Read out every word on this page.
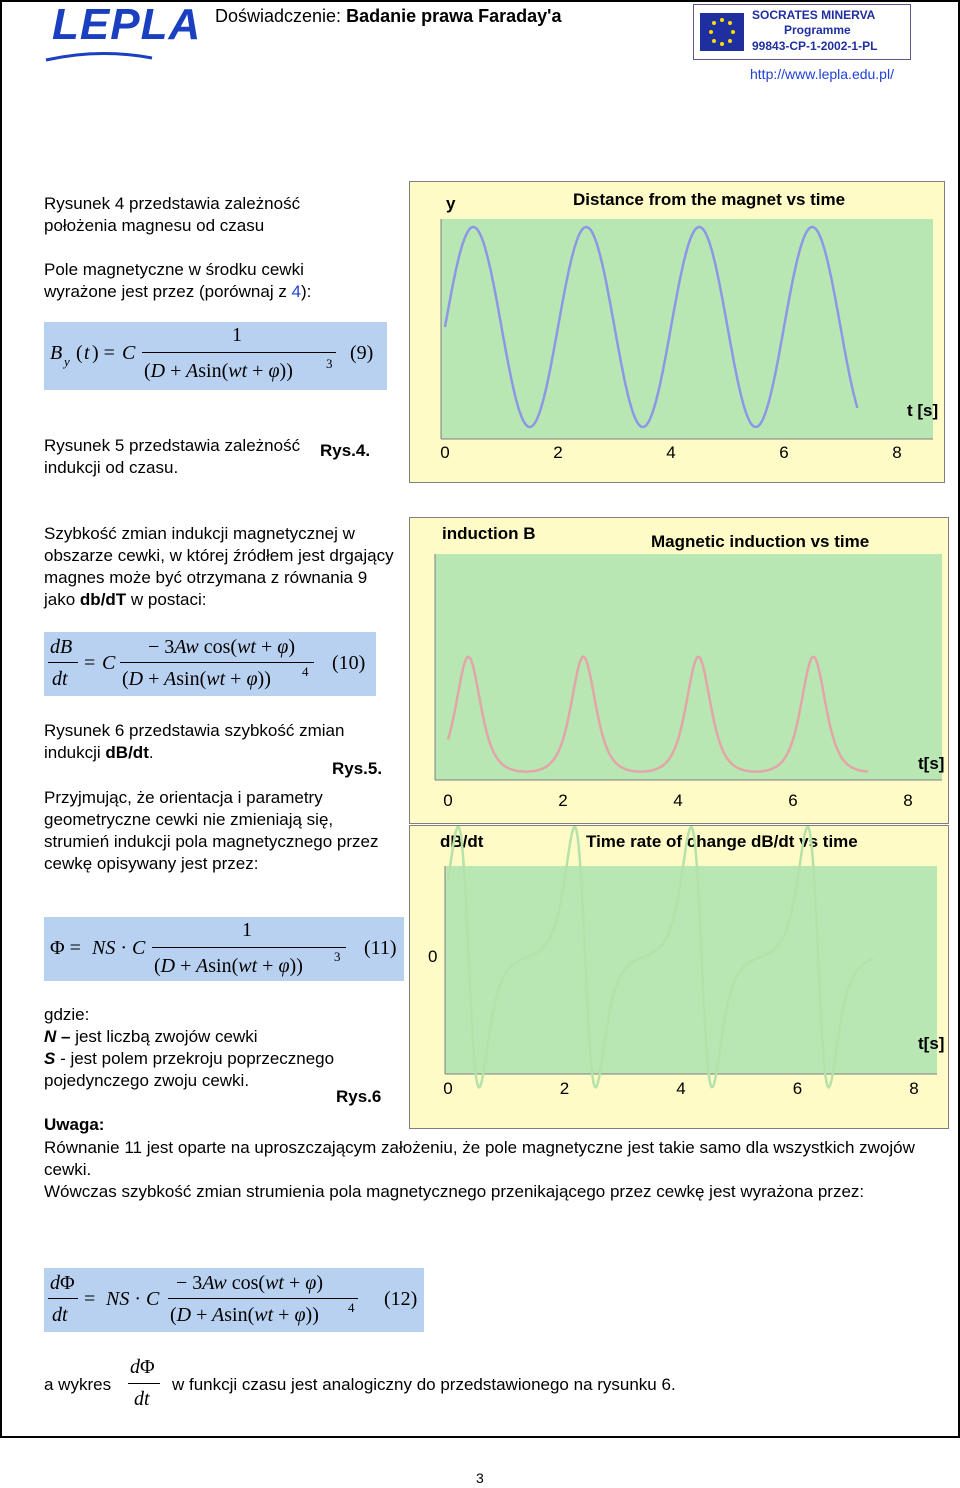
LEPLA Doświadczenie: Badanie prawa Faraday'a	SOCRATES MINERVA
Programme
99843-CP-1-2002-1-PL
http://www.lepla.edu.pl/
Rysunek 4 przedstawia zależność położenia magnesu od czasu
Pole magnetyczne w środku cewki wyrażone jest przez (porównaj z 4):
B y ( t ) = C
1
(D + Asin(wt + φ))	3 (9)
Rysunek 5 przedstawia zależność indukcji od czasu.
Rys.4.
Szybkość zmian indukcji magnetycznej w obszarze cewki, w której źródłem jest drgający magnes może być otrzymana z równania 9 jako db/dT w postaci:
dB
dt
= C
− 3Aw cos(wt + φ)
(D + Asin(wt + φ)) 4 (10)
Rysunek 6 przedstawia szybkość zmian indukcji dB/dt.
Rys.5.
Przyjmując, że orientacja i parametry geometryczne cewki nie zmieniają się, strumień indukcji pola magnetycznego przez cewkę opisywany jest przez:
Φ = NS · C
1
(D + Asin(wt + φ)) 3 (11)
gdzie:
N – jest liczbą zwojów cewki
S - jest polem przekroju poprzecznego pojedynczego zwoju cewki.
Rys.6
Uwaga:
Równanie 11 jest oparte na uproszczającym założeniu, że pole magnetyczne jest takie samo dla wszystkich zwojów cewki.
Wówczas szybkość zmian strumienia pola magnetycznego przenikającego przez cewkę jest wyrażona przez:
dΦ
dt
= NS · C
− 3Aw cos(wt + φ)
(D + Asin(wt + φ)) 4 (12)
a wykres
dΦ
dt
w funkcji czasu jest analogiczny do przedstawionego na rysunku 6.
3
y	Distance from the magnet vs time
0	2	4	6	8
t [s]
induction B	Magnetic induction vs time
0	2	4	6	8
t[s]
dB/dt	Time rate of change dB/dt vs time
0	2	4	6	8
0
t[s]
